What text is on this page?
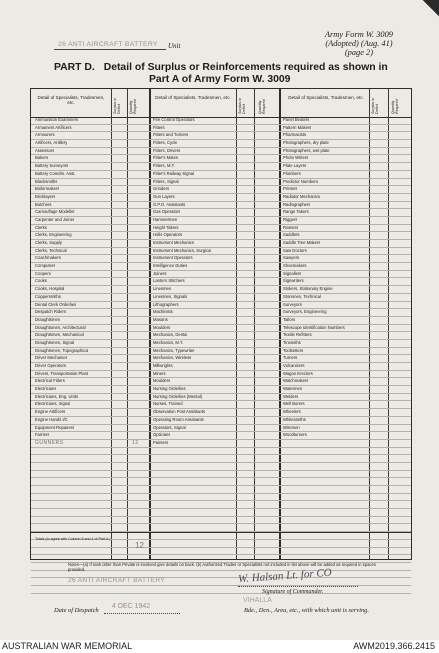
Army Form W. 3009
(Adopted) (Aug. 41)
(page 2)
26 ANTI AIRCRAFT BATTERY Unit
PART D. Detail of Surplus or Reinforcements required as shown in
Part A of Army Form W. 3009
Detail of Specialists, Tradesmen, etc.	Surplus or Deficit	Quantity Required
Detail of Specialists, Tradesmen, etc.
Surplus or Deficit	Quantity Required
Detail of Specialists, Tradesmen, etc.
Surplus or Deficit	Quantity Required
Ammunition Examiners	Fire Control Operators	Panel Beaters
Armament Artificers	Fitters	Pattern Makers
Armourers	Fitters and Turners	Pharmacists
Artificers, Artillery	Fitters, Cycle	Photographers, dry plate
Assessors	Fitters, Drivers	Photographers, wet plate
Bakers	Fitter's Mates	Photo Writers
Battery Surveyors	Fitters, M.T.	Plate Layers
Battery Comdrs. Asst.	Fitter's Railway Signal	Plumbers
Blacksmiths	Fitters, Signal	Predictor Numbers
Boilermakers	Grinders	Printers
Bricklayers	Gun Layers	Radiator Mechanics
Butchers	G.P.O. Assistants	Radiographers
Camouflage Modeller	Gas Operators	Range Takers
Carpenter and Joiner	Hammermen	Riggers
Clerks	Height Takers	Riveters
Clerks, Engineering	Holls Operators	Saddlers
Clerks, Supply	Instrument Mechanics	Saddle Tree Makers
Clerks, Technical	Instrument Mechanics, Surgical	Saw Doctors
Coachmakers	Instrument Operators	Sawyers
Computers	Intelligence Duties	Shoemakers
Coopers	Joiners	Signallers
Cooks	Lantern Stitchers	Signwriters
Cooks, Hospital	Linesmen	Stokers, Stationary Engine
Coppersmiths	Linesmen, Signals	Storemen, Technical
Dental Clerk Orderlies	Lithographers	Surveyors
Despatch Riders	Machinists	Surveyors, Engineering
Draughtsmen	Masons	Tailors
Draughtsmen, Architectural	Moulders	Telescope Identification Numbers
Draughtsmen, Mechanical	Mechanics, Dental	Textile Refitters
Draughtsmen, Signal	Mechanics, M.T.	Tinsmiths
Draughtsmen, Topographical	Mechanics, Typewriter	Toolsetters
Driver Mechanics	Mechanics, Wireless	Turners
Driver Operators	Millwrights	Vulcanizers
Drivers, Transportation Plant	Miners	Wagon Erectors
Electrical Fitters	Moulders	Watchmakers
Electricians	Nursing Orderlies	Watermen
Electricians, Eng. Units	Nursing Orderlies (Mental)	Welders
Electricians, Signal	Nurses, Trained	Well Borers
Engine Artificers	Observation Post Assistants	Wheelers
Engine Hands I/C	Operating Room Assistants	Whitesmiths
Equipment Repairers	Operators, Signal	Wiremen
Farriers	Opticians	Woodturners
Painters
GUNNERS	12
Totals (to agree with Column 8 and 4 of Part A.)
12
Notes—(a) If rank other than Private is involved give details on back. (b) Authorized Trades or Specialists not included in list above will be added as required in spaces provided.
26 ANTI AIRCRAFT BATTERY	W. Halsan Lt. for CO
Signature of Commander.
VIHALLA
Date of Despatch
4 DEC 1942
Bde., Dcn., Area, etc., with which unit is serving.
AUSTRALIAN WAR MEMORIAL	AWM2019.366.2415
